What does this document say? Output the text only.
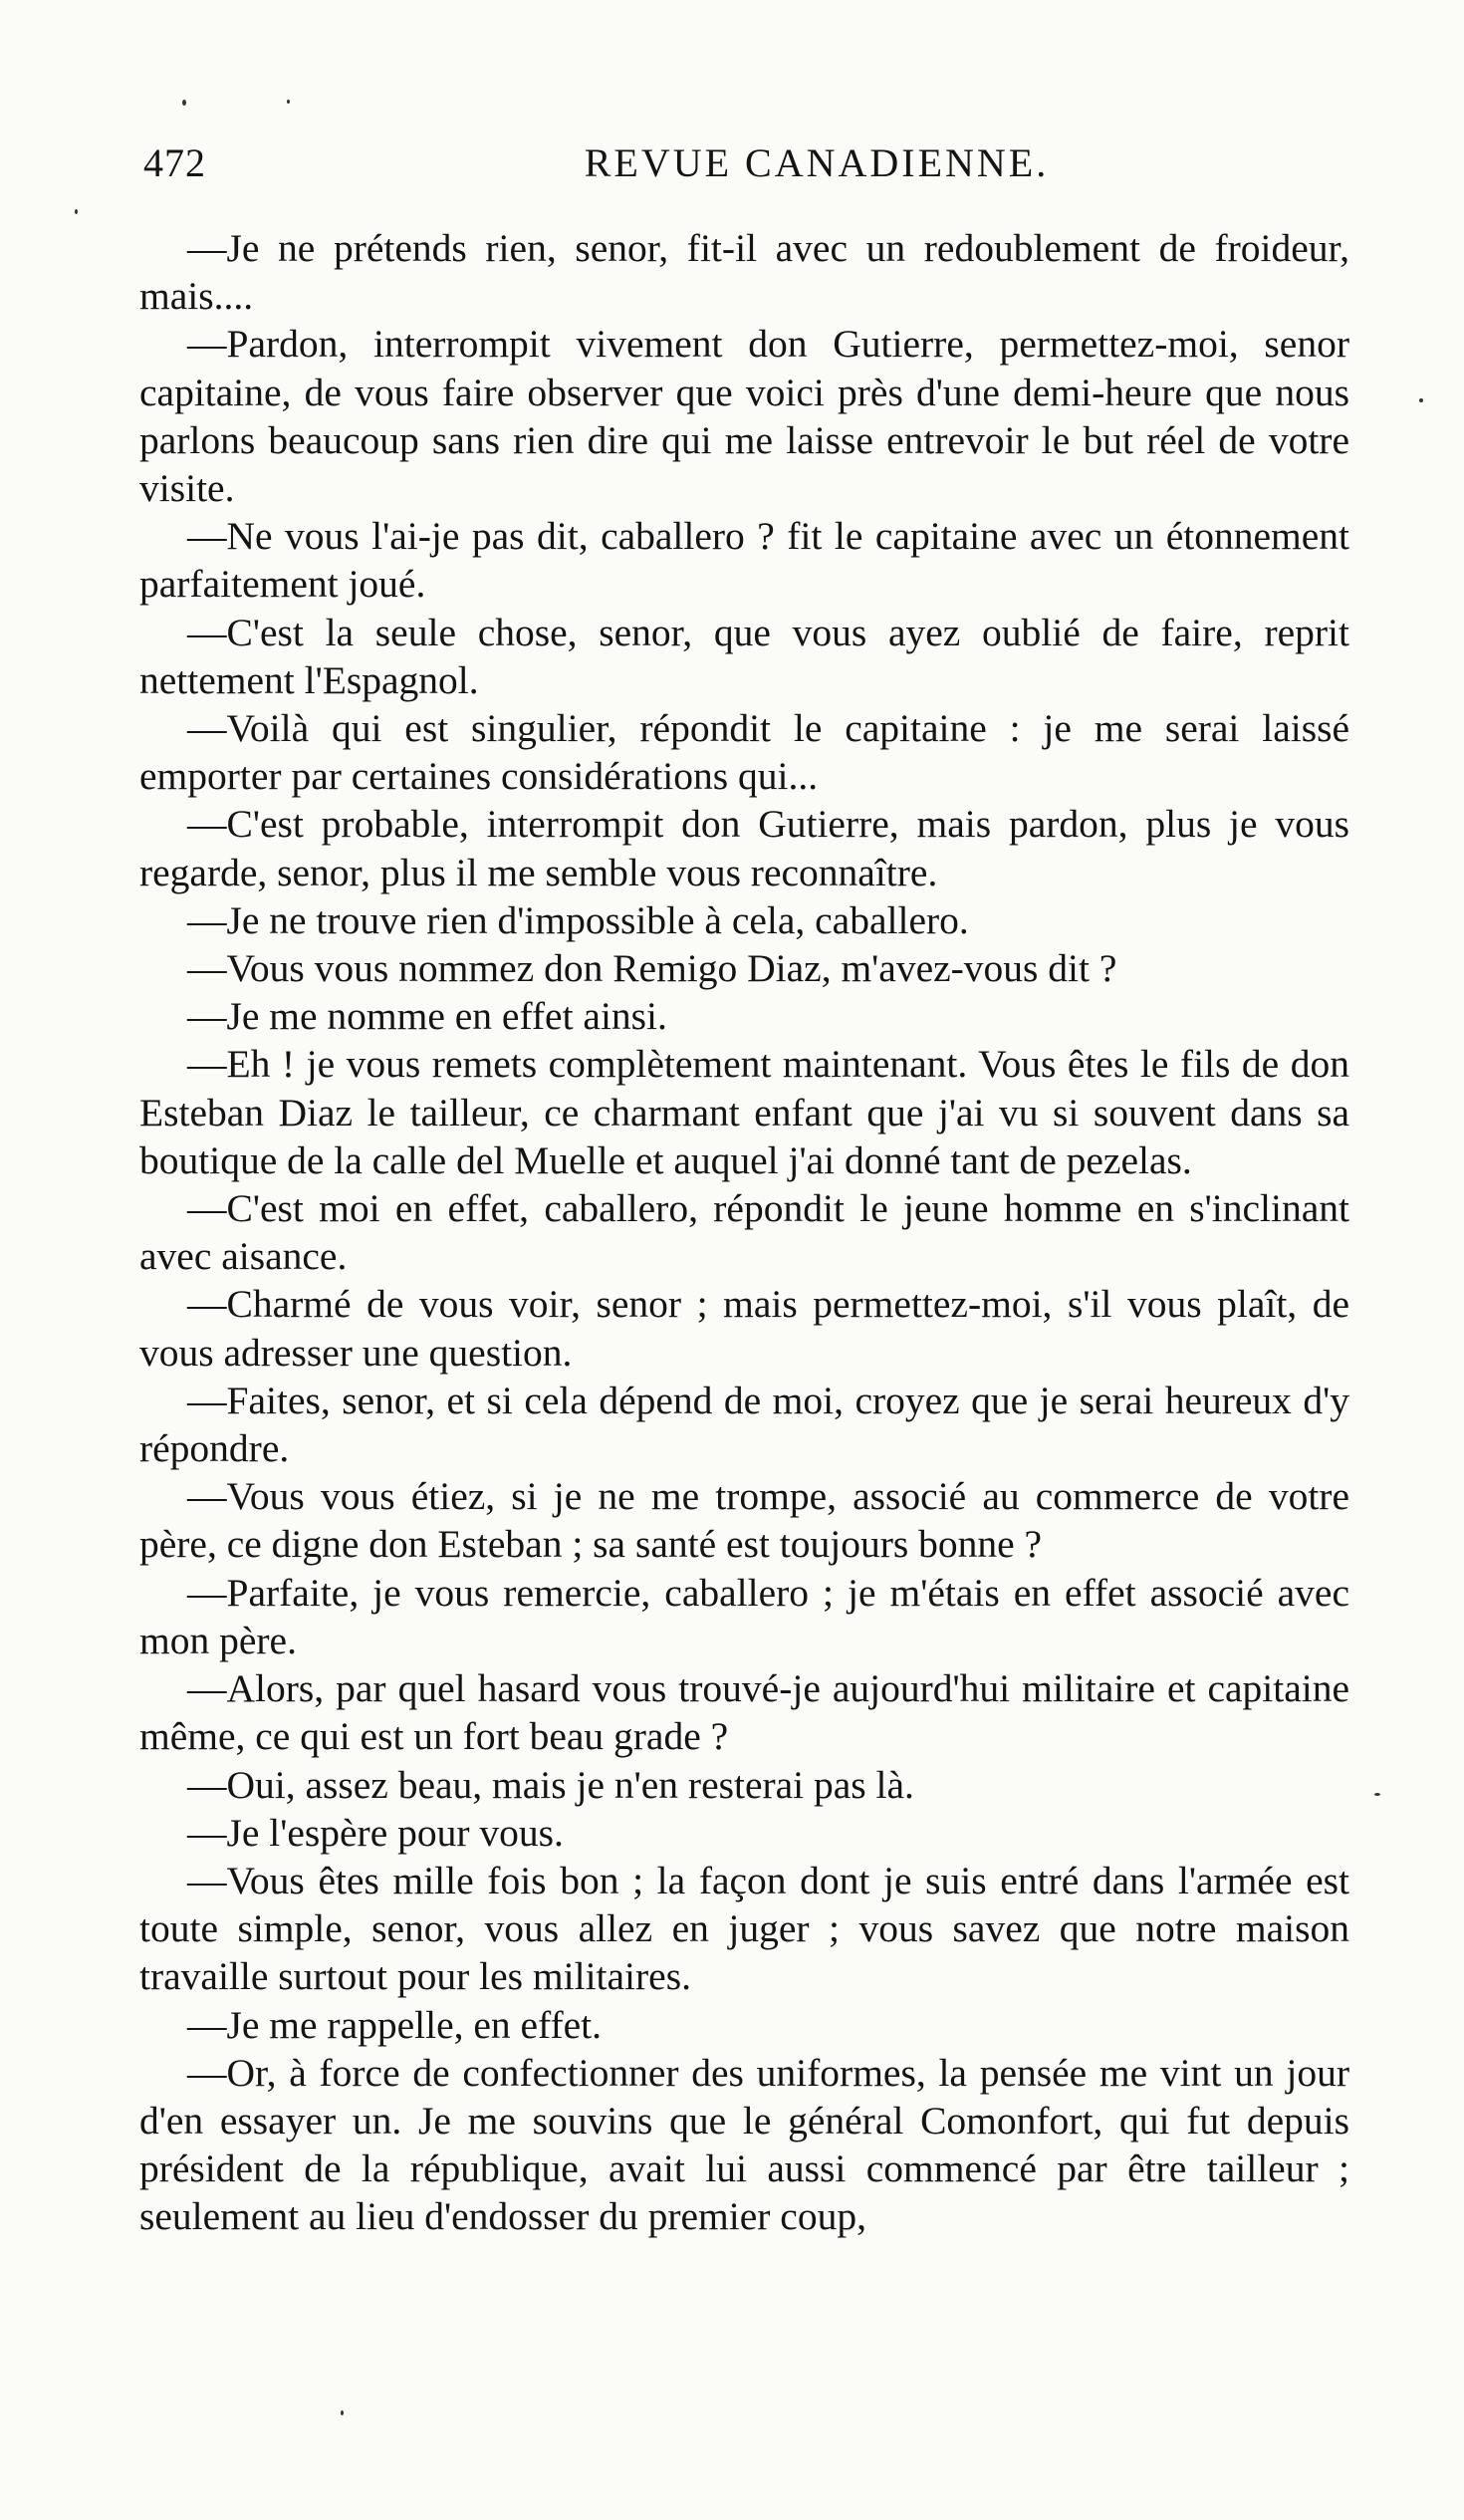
472	REVUE CANADIENNE.

—Je ne prétends rien, senor, fit-il avec un redoublement de froideur, mais....

—Pardon, interrompit vivement don Gutierre, permettez-moi, senor capitaine, de vous faire observer que voici près d'une demi-heure que nous parlons beaucoup sans rien dire qui me laisse entrevoir le but réel de votre visite.

—Ne vous l'ai-je pas dit, caballero ? fit le capitaine avec un étonnement parfaitement joué.

—C'est la seule chose, senor, que vous ayez oublié de faire, reprit nettement l'Espagnol.

—Voilà qui est singulier, répondit le capitaine : je me serai laissé emporter par certaines considérations qui...

—C'est probable, interrompit don Gutierre, mais pardon, plus je vous regarde, senor, plus il me semble vous reconnaître.

—Je ne trouve rien d'impossible à cela, caballero.

—Vous vous nommez don Remigo Diaz, m'avez-vous dit ?

—Je me nomme en effet ainsi.

—Eh ! je vous remets complètement maintenant. Vous êtes le fils de don Esteban Diaz le tailleur, ce charmant enfant que j'ai vu si souvent dans sa boutique de la calle del Muelle et auquel j'ai donné tant de pezelas.

—C'est moi en effet, caballero, répondit le jeune homme en s'inclinant avec aisance.

—Charmé de vous voir, senor ; mais permettez-moi, s'il vous plaît, de vous adresser une question.

—Faites, senor, et si cela dépend de moi, croyez que je serai heureux d'y répondre.

—Vous vous étiez, si je ne me trompe, associé au commerce de votre père, ce digne don Esteban ; sa santé est toujours bonne ?

—Parfaite, je vous remercie, caballero ; je m'étais en effet associé avec mon père.

—Alors, par quel hasard vous trouvé-je aujourd'hui militaire et capitaine même, ce qui est un fort beau grade ?

—Oui, assez beau, mais je n'en resterai pas là.

—Je l'espère pour vous.

—Vous êtes mille fois bon ; la façon dont je suis entré dans l'armée est toute simple, senor, vous allez en juger ; vous savez que notre maison travaille surtout pour les militaires.

—Je me rappelle, en effet.

—Or, à force de confectionner des uniformes, la pensée me vint un jour d'en essayer un. Je me souvins que le général Comonfort, qui fut depuis président de la république, avait lui aussi commencé par être tailleur ; seulement au lieu d'endosser du premier coup,
